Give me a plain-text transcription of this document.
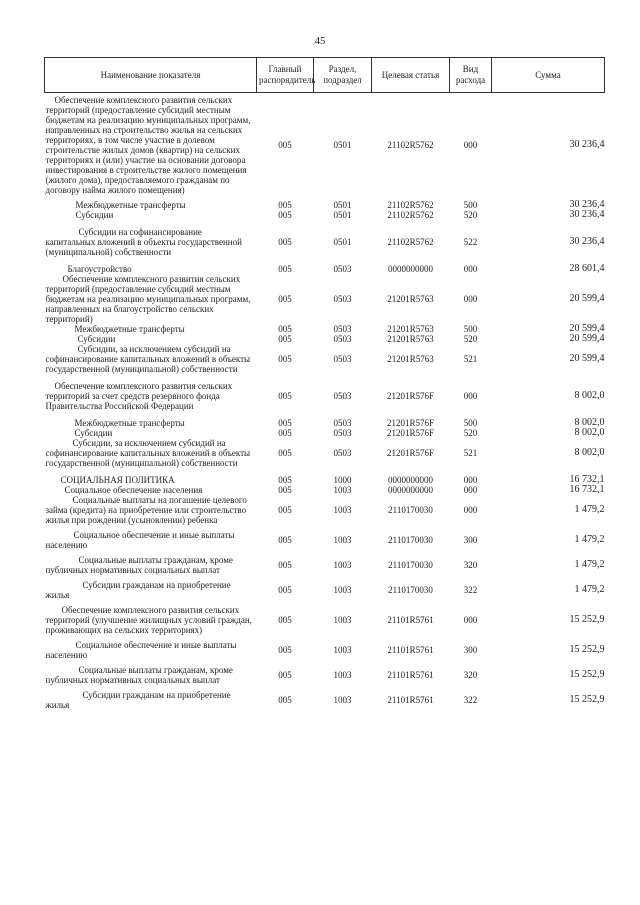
45
Наименование показателя	Главный распорядитель	Раздел, подраздел	Целевая статья	Вид расхода	Сумма
Обеспечение комплексного развития сельских территорий (предоставление субсидий местным бюджетам на реализацию муниципальных программ, направленных на строительство жилья на сельских территориях, в том числе участие в долевом строительстве жилых домов (квартир) на сельских территориях и (или) участие на основании договора инвестирования в строительстве жилого помещения (жилого дома), предоставляемого гражданам по договору найма жилого помещения)	005	0501	21102R5762	000	30 236,4

Межбюджетные трансферты	005	0501	21102R5762	500	30 236,4
Субсидии	005	0501	21102R5762	520	30 236,4

Субсидии на софинансирование капитальных вложений в объекты государственной (муниципальной) собственности	005	0501	21102R5762	522	30 236,4

Благоустройство	005	0503	0000000000	000	28 601,4
Обеспечение комплексного развития сельских территорий (предоставление субсидий местным бюджетам на реализацию муниципальных программ, направленных на благоустройство сельских территорий)	005	0503	21201R5763	000	20 599,4
Межбюджетные трансферты	005	0503	21201R5763	500	20 599,4
Субсидии	005	0503	21201R5763	520	20 599,4
Субсидии, за исключением субсидий на софинансирование капитальных вложений в объекты государственной (муниципальной) собственности	005	0503	21201R5763	521	20 599,4

Обеспечение комплексного развития сельских территорий за счет средств резервного фонда Правительства Российской Федерации	005	0503	21201R576F	000	8 002,0

Межбюджетные трансферты	005	0503	21201R576F	500	8 002,0
Субсидии	005	0503	21201R576F	520	8 002,0
Субсидии, за исключением субсидий на софинансирование капитальных вложений в объекты государственной (муниципальной) собственности	005	0503	21201R576F	521	8 002,0

СОЦИАЛЬНАЯ ПОЛИТИКА	005	1000	0000000000	000	16 732,1
Социальное обеспечение населения	005	1003	0000000000	000	16 732,1
Социальные выплаты на погашение целевого займа (кредита) на приобретение или строительство жилья при рождении (усыновлении) ребенка	005	1003	2110170030	000	1 479,2

Социальное обеспечение и иные выплаты населению	005	1003	2110170030	300	1 479,2

Социальные выплаты гражданам, кроме публичных нормативных социальных выплат	005	1003	2110170030	320	1 479,2

Субсидии гражданам на приобретение жилья	005	1003	2110170030	322	1 479,2

Обеспечение комплексного развития сельских территорий (улучшение жилищных условий граждан, проживающих на сельских территориях)	005	1003	21101R5761	000	15 252,9

Социальное обеспечение и иные выплаты населению	005	1003	21101R5761	300	15 252,9

Социальные выплаты гражданам, кроме публичных нормативных социальных выплат	005	1003	21101R5761	320	15 252,9

Субсидии гражданам на приобретение жилья	005	1003	21101R5761	322	15 252,9
